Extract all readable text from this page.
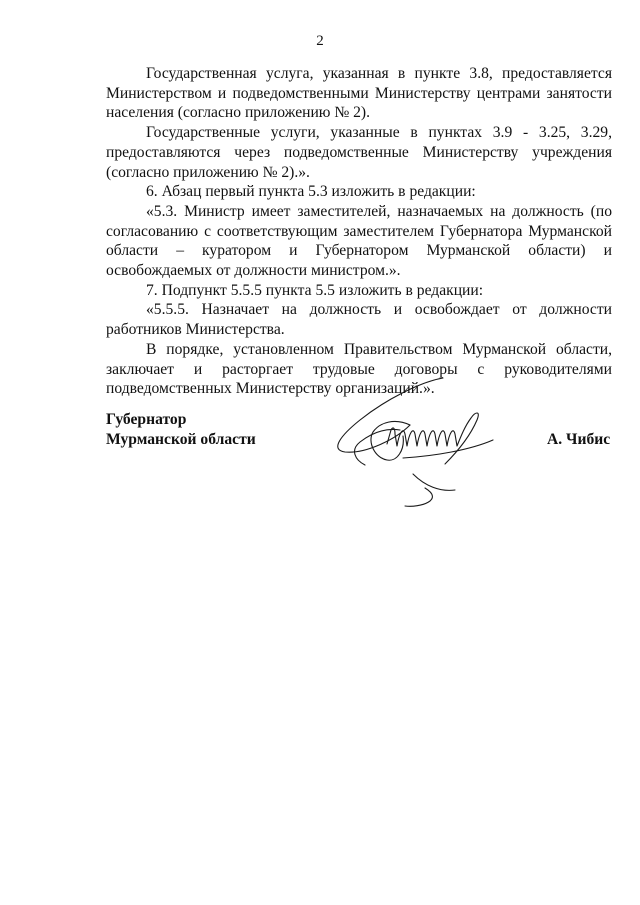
2

Государственная услуга, указанная в пункте 3.8, предоставляется Министерством и подведомственными Министерству центрами занятости населения (согласно приложению № 2).

Государственные услуги, указанные в пунктах 3.9 - 3.25, 3.29, предоставляются через подведомственные Министерству учреждения (согласно приложению № 2).».

6. Абзац первый пункта 5.3 изложить в редакции:

«5.3. Министр имеет заместителей, назначаемых на должность (по согласованию с соответствующим заместителем Губернатора Мурманской области – куратором и Губернатором Мурманской области) и освобождаемых от должности министром.».

7. Подпункт 5.5.5 пункта 5.5 изложить в редакции:

«5.5.5. Назначает на должность и освобождает от должности работников Министерства.

В порядке, установленном Правительством Мурманской области, заключает и расторгает трудовые договоры с руководителями подведомственных Министерству организаций.».

Губернатор
Мурманской области	А. Чибис
